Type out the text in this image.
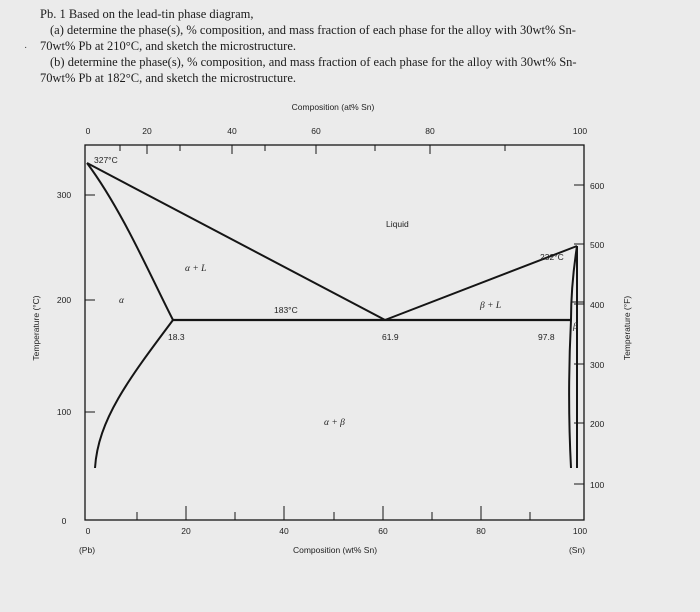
Pb. 1 Based on the lead-tin phase diagram,
(a) determine the phase(s), % composition, and mass fraction of each phase for the alloy with 30wt% Sn-
70wt% Pb at 210°C, and sketch the microstructure.
(b) determine the phase(s), % composition, and mass fraction of each phase for the alloy with 30wt% Sn-
70wt% Pb at 182°C, and sketch the microstructure.
·
Composition (at% Sn)
0	20	40	60	80	100
0	20	40	60	80	100
(Pb)	Composition (wt% Sn)	(Sn)
0
100
200
300
Temperature (°C)
100
200
300
400
500
600
Temperature (°F)
327°C
232°C
183°C
18.3	61.9	97.8
Liquid
α + L
β + L
α + β
α
β
